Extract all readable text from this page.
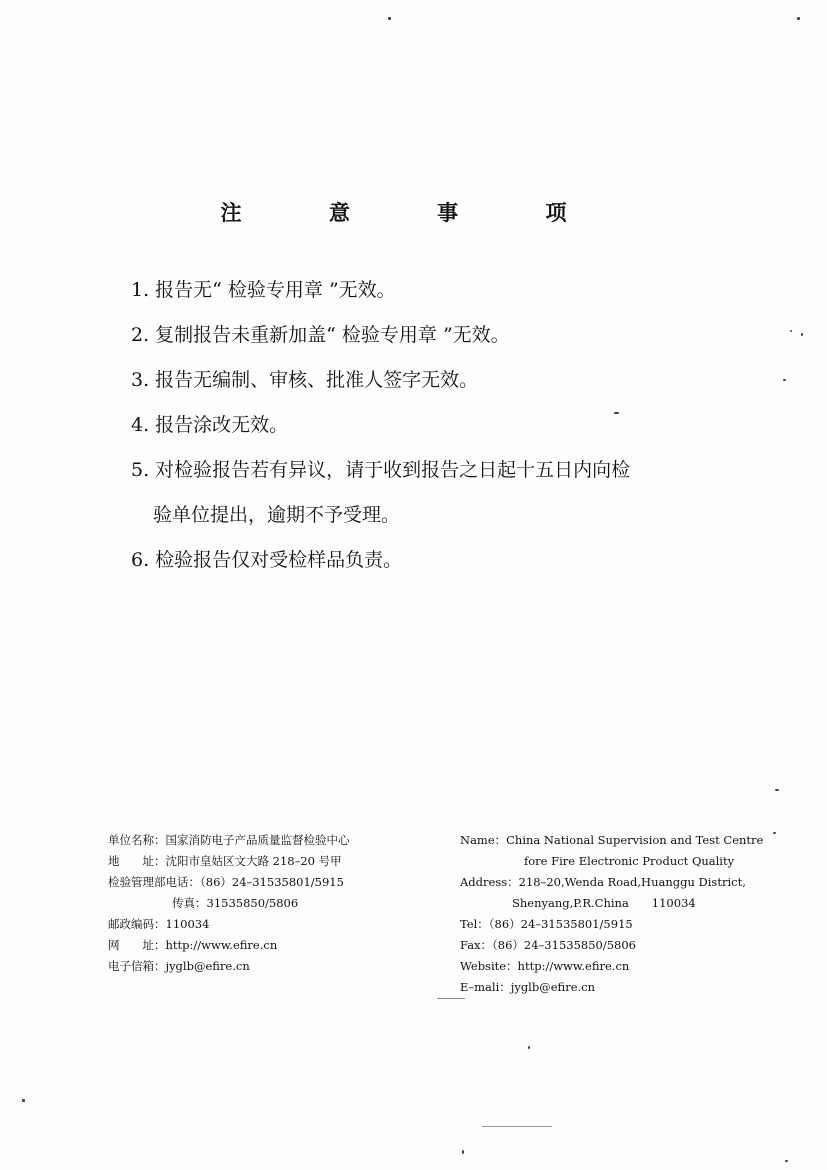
注 意 事 项
1. 报告无“ 检验专用章 ”无效。
2. 复制报告未重新加盖“ 检验专用章 ”无效。
3. 报告无编制、审核、批准人签字无效。
4. 报告涂改无效。
5. 对检验报告若有异议，请于收到报告之日起十五日内向检
验单位提出，逾期不予受理。
6. 检验报告仅对受检样品负责。
单位名称：国家消防电子产品质量监督检验中心
地　　址：沈阳市皇姑区文大路 218–20 号甲
检验管理部电话：（86）24–31535801/5915
传真：31535850/5806
邮政编码：110034
网　　址：http://www.efire.cn
电子信箱：jyglb@efire.cn
Name：China National Supervision and Test Centre
fore Fire Electronic Product Quality
Address：218–20,Wenda Road,Huanggu District,
Shenyang,P.R.China　　110034
Tel：（86）24–31535801/5915
Fax：（86）24–31535850/5806
Website：http://www.efire.cn
E–mali：jyglb@efire.cn
